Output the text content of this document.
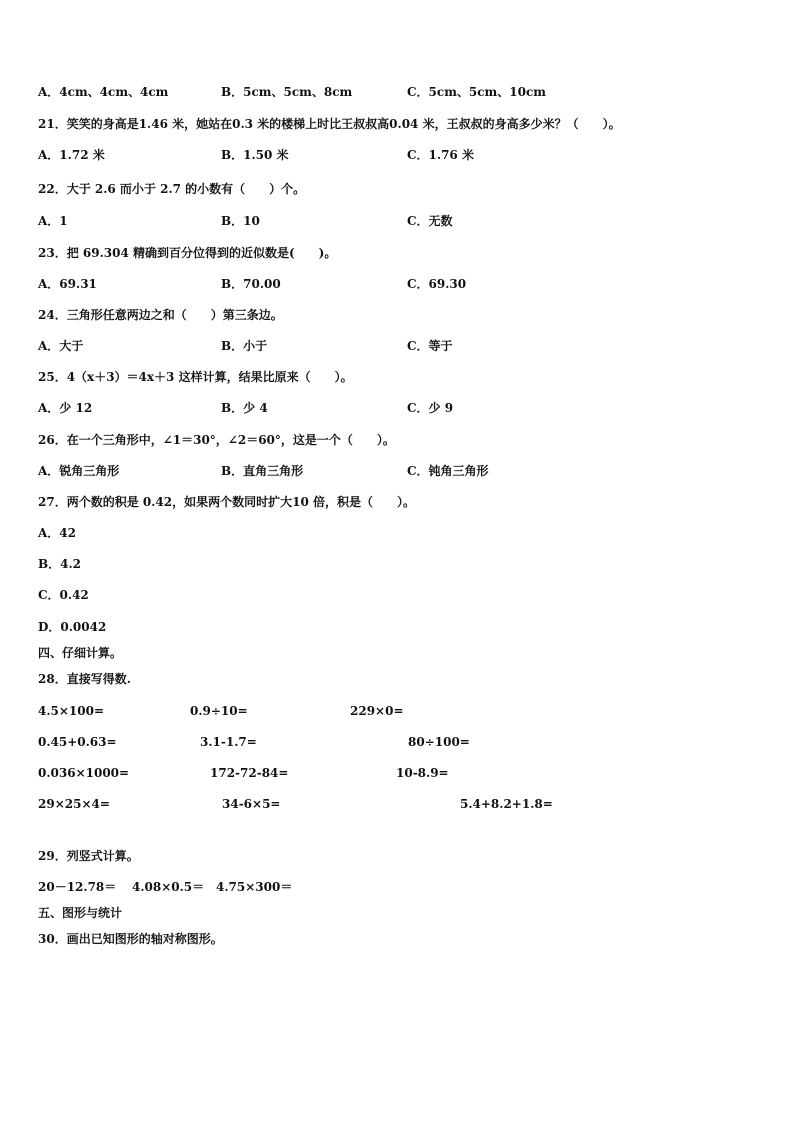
A．4cm、4cm、4cm	B．5cm、5cm、8cm	C．5cm、5cm、10cm
21．笑笑的身高是1.46 米，她站在0.3 米的楼梯上时比王叔叔高0.04 米，王叔叔的身高多少米？（　　）。
A．1.72 米	B．1.50 米	C．1.76 米
22．大于 2.6 而小于 2.7 的小数有（　　）个。
A．1	B．10	C．无数
23．把 69.304 精确到百分位得到的近似数是(　　)。
A．69.31	B．70.00	C．69.30
24．三角形任意两边之和（　　）第三条边。
A．大于	B．小于	C．等于
25．4（x＋3）＝4x＋3 这样计算，结果比原来（　　）。
A．少 12	B．少 4	C．少 9
26．在一个三角形中，∠1＝30°，∠2＝60°，这是一个（　　）。
A．锐角三角形	B．直角三角形	C．钝角三角形
27．两个数的积是 0.42，如果两个数同时扩大10 倍，积是（　　）。
A．42
B．4.2
C．0.42
D．0.0042
四、仔细计算。
28．直接写得数.
4.5×100=	0.9÷10=	229×0=
0.45+0.63=	3.1-1.7=	80÷100=
0.036×1000=	172-72-84=	10-8.9=
29×25×4=	34-6×5=	5.4+8.2+1.8=
29．列竖式计算。
20－12.78＝ 4.08×0.5＝ 4.75×300＝
五、图形与统计
30．画出已知图形的轴对称图形。
